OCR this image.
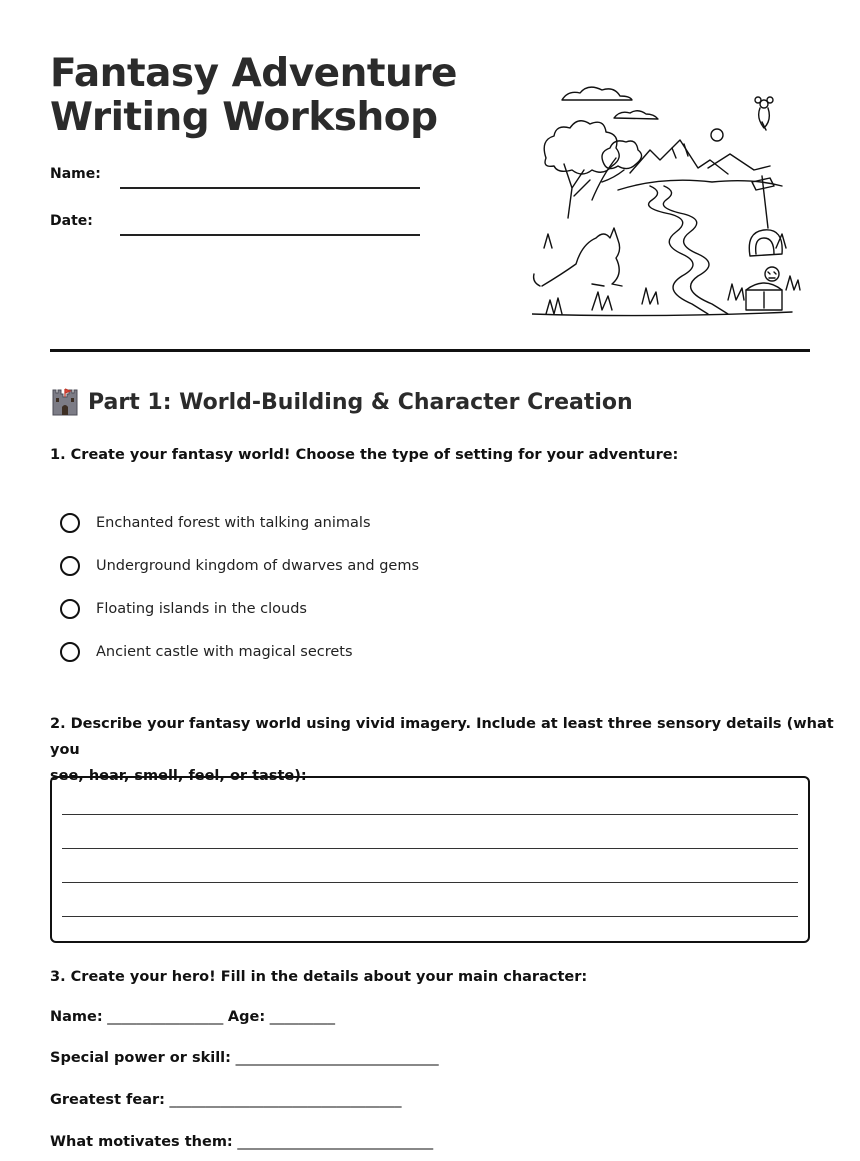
Fantasy Adventure
Writing Workshop
Name:
Date:
Part 1: World-Building & Character Creation
1. Create your fantasy world! Choose the type of setting for your adventure:
Enchanted forest with talking animals
Underground kingdom of dwarves and gems
Floating islands in the clouds
Ancient castle with magical secrets
2. Describe your fantasy world using vivid imagery. Include at least three sensory details (what you
see, hear, smell, feel, or taste):
3. Create your hero! Fill in the details about your main character:
Name: ________________ Age: _________
Special power or skill: ____________________________
Greatest fear: ________________________________
What motivates them: ___________________________
